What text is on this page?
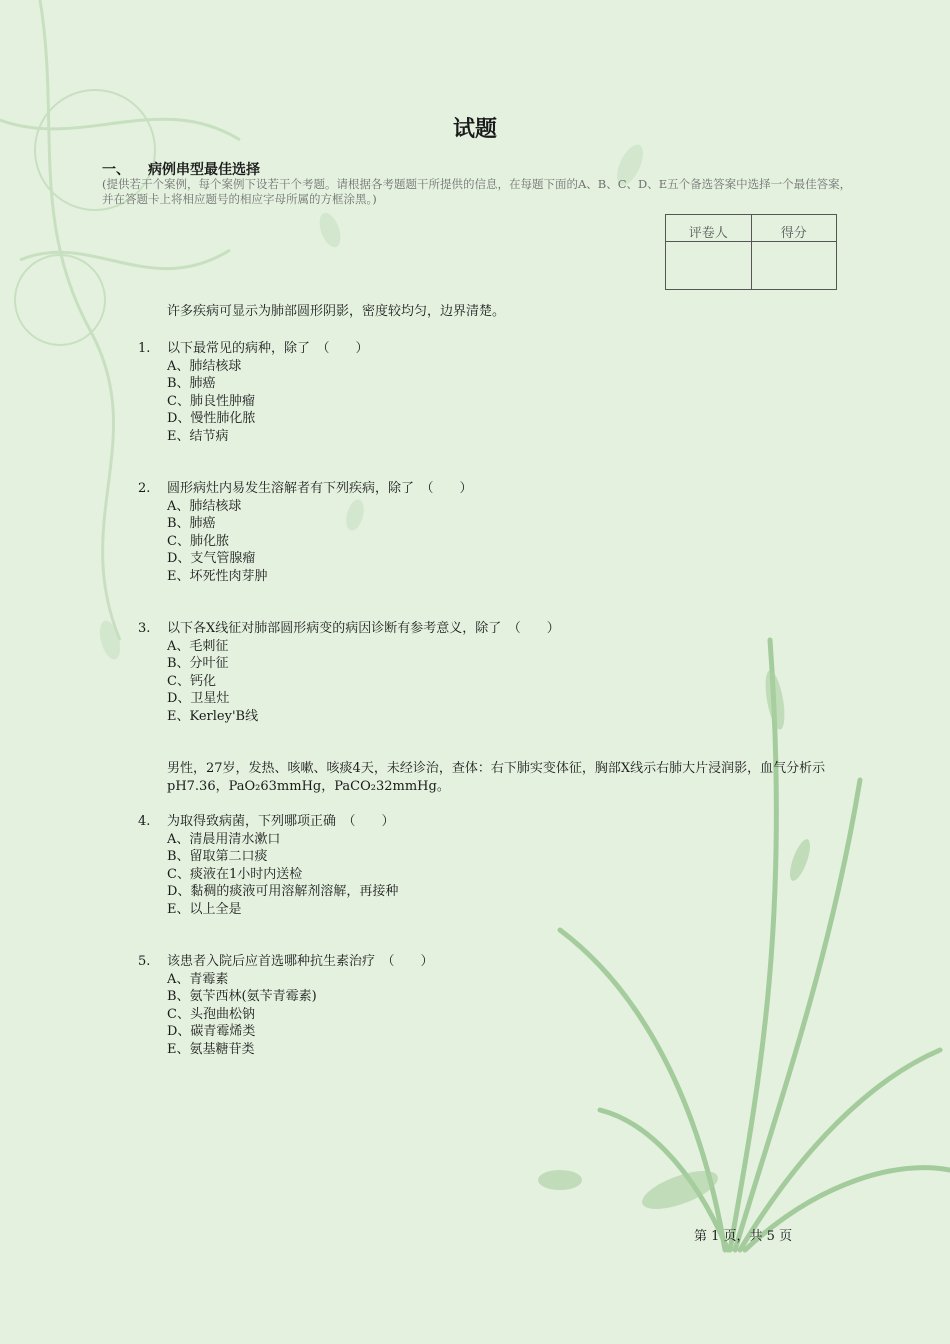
试题
一、 病例串型最佳选择
(提供若干个案例，每个案例下设若干个考题。请根据各考题题干所提供的信息，在每题下面的A、B、C、D、E五个备选答案中选择一个最佳答案，并在答题卡上将相应题号的相应字母所属的方框涂黑。)
评卷人	得分

许多疾病可显示为肺部圆形阴影，密度较均匀，边界清楚。
1. 以下最常见的病种，除了　（　　）
A、肺结核球
B、肺癌
C、肺良性肿瘤
D、慢性肺化脓
E、结节病
2. 圆形病灶内易发生溶解者有下列疾病，除了　（　　）
A、肺结核球
B、肺癌
C、肺化脓
D、支气管腺瘤
E、坏死性肉芽肿
3. 以下各X线征对肺部圆形病变的病因诊断有参考意义，除了　（　　）
A、毛刺征
B、分叶征
C、钙化
D、卫星灶
E、Kerley'B线
男性，27岁，发热、咳嗽、咳痰4天，未经诊治，查体：右下肺实变体征，胸部X线示右肺大片浸润影，血气分析示pH7.36，PaO₂63mmHg，PaCO₂32mmHg。
4. 为取得致病菌，下列哪项正确　（　　）
A、清晨用清水漱口
B、留取第二口痰
C、痰液在1小时内送检
D、黏稠的痰液可用溶解剂溶解，再接种
E、以上全是
5. 该患者入院后应首选哪种抗生素治疗　（　　）
A、青霉素
B、氨苄西林(氨苄青霉素)
C、头孢曲松钠
D、碳青霉烯类
E、氨基糖苷类
第 1 页，共 5 页
